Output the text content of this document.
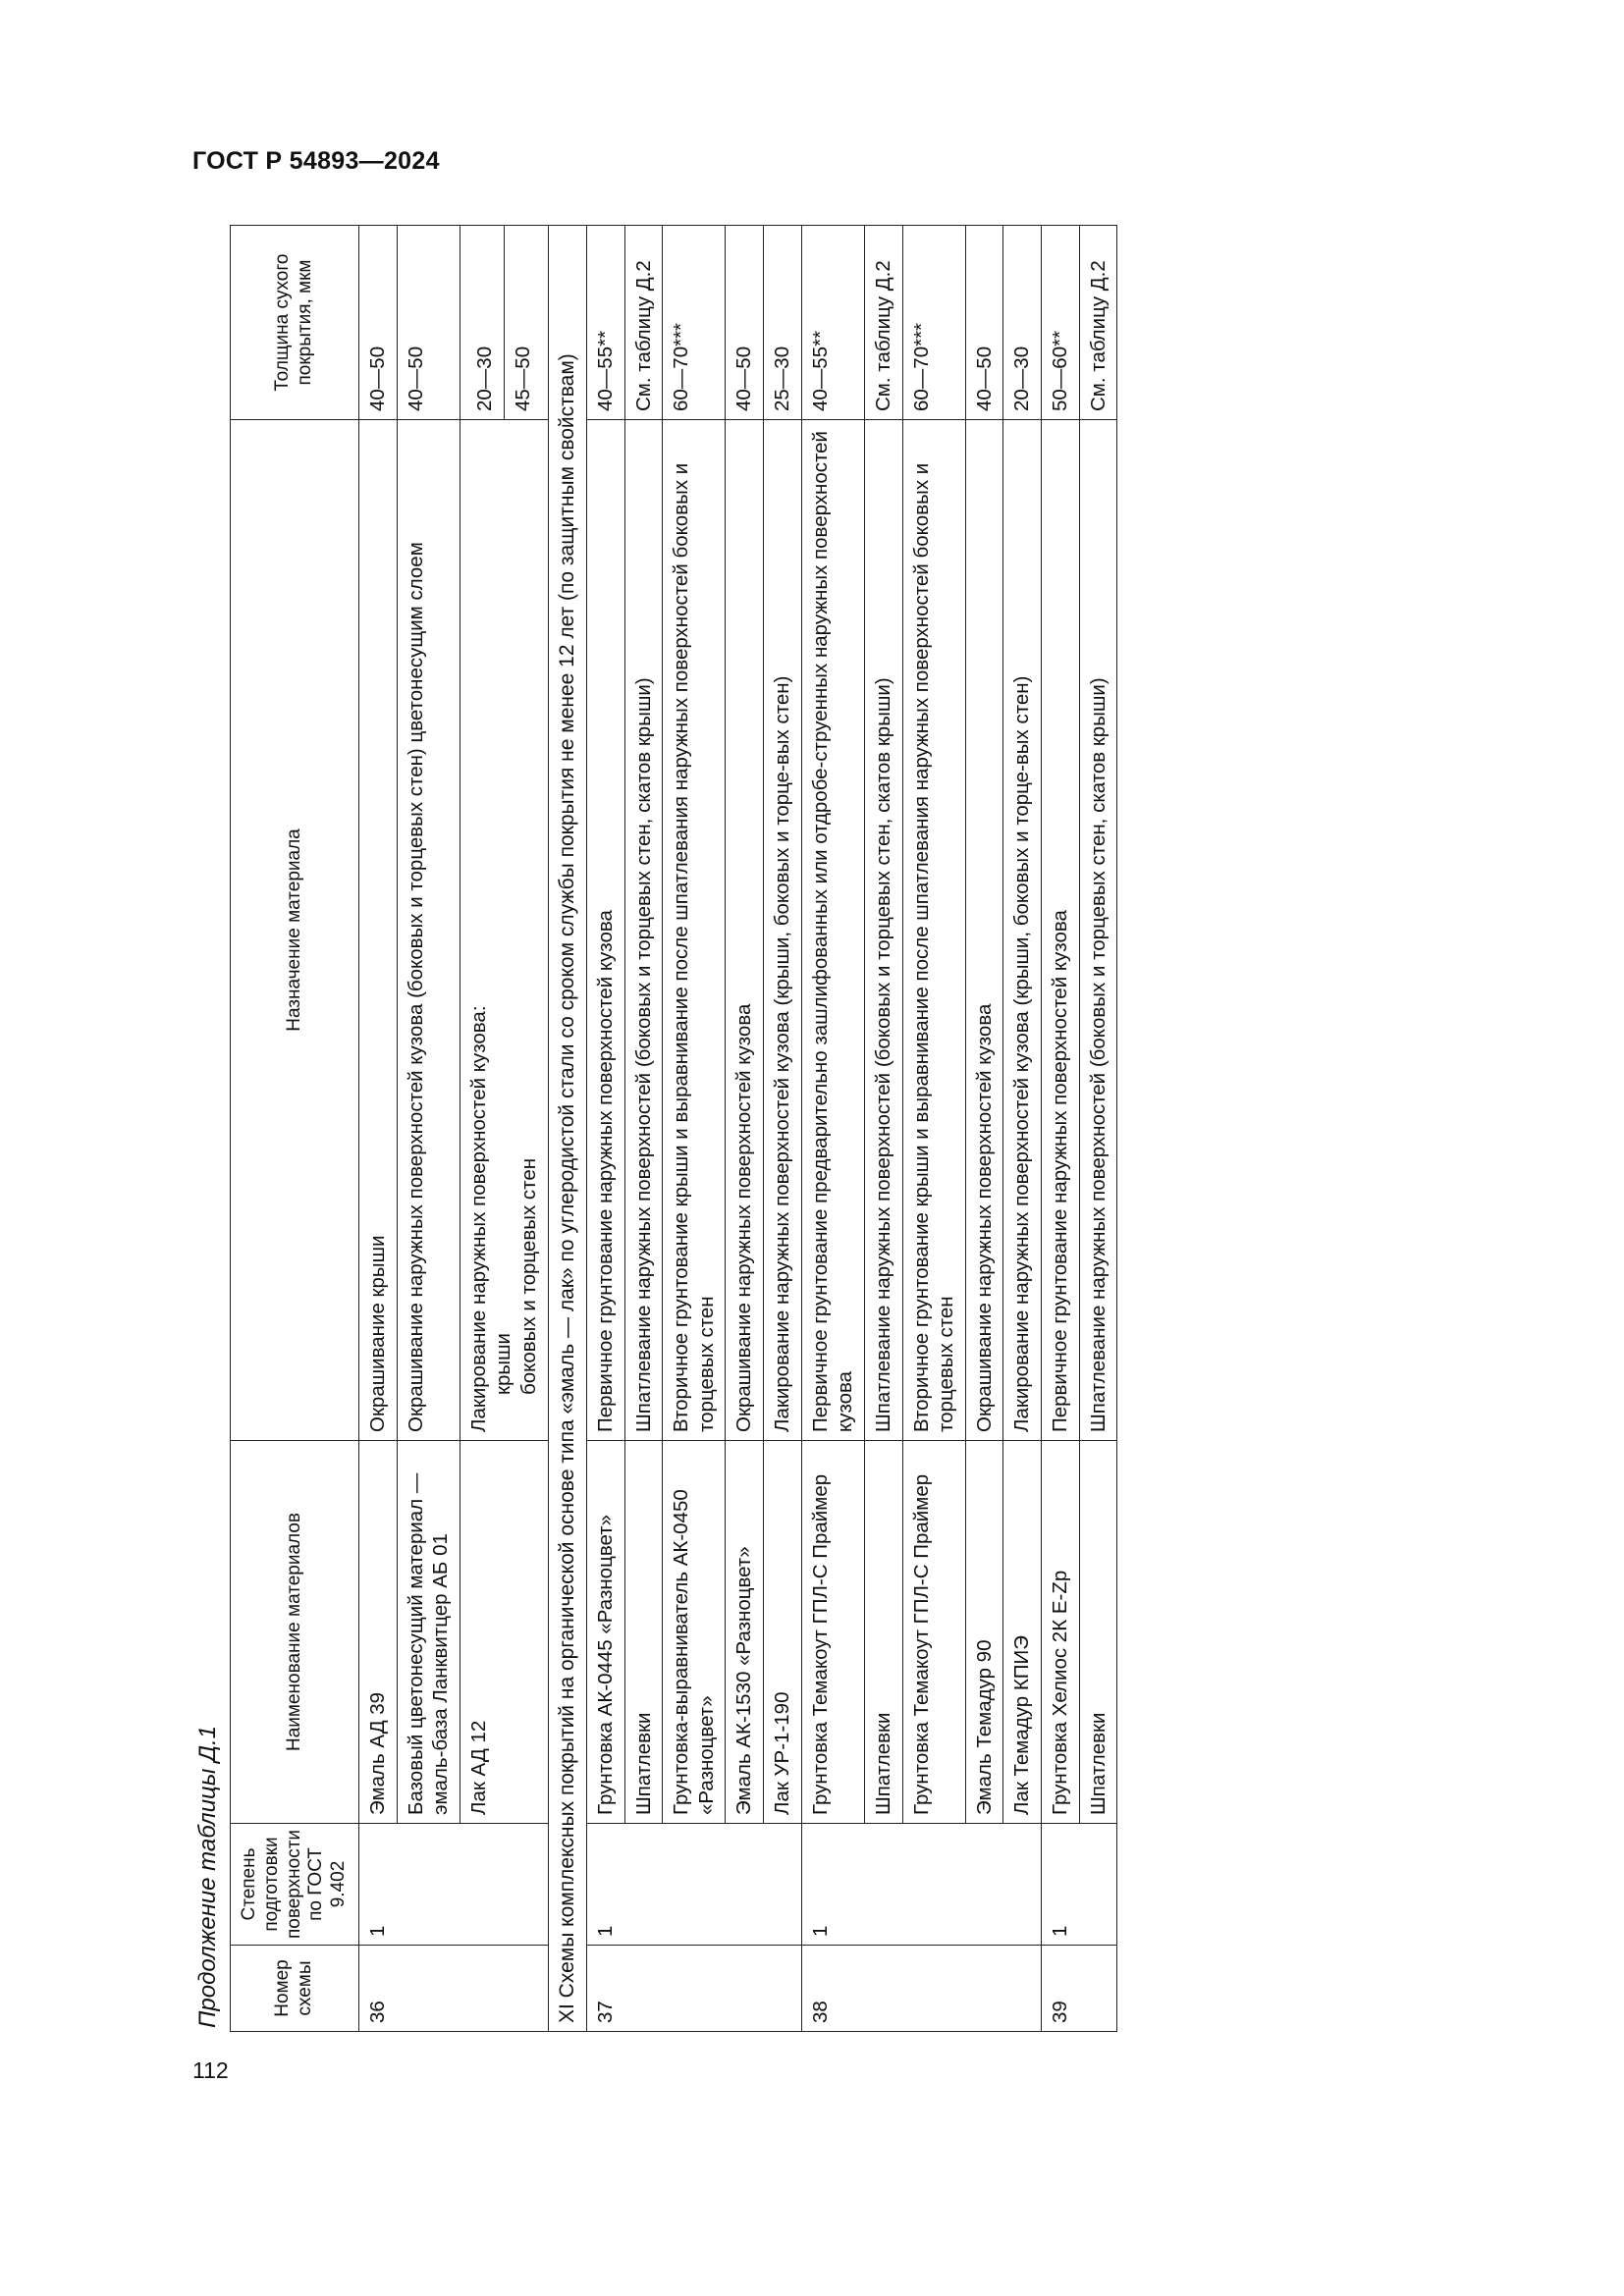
ГОСТ Р 54893—2024
Продолжение таблицы Д.1	Номер схемы	Степень подготовки поверхности по ГОСТ 9.402	Наименование материалов	Назначение материала	Толщина сухого покрытия, мкм
36	1	Эмаль АД 39	Окрашивание крыши	40—50
		Базовый цветонесущий материал — эмаль-база Ланквитцер АБ 01	Окрашивание наружных поверхностей кузова (боковых и торцевых стен) цветонесущим слоем	40—50
		Лак АД 12	Лакирование наружных поверхностей кузова: крыши боковых и торцевых стен	20—30
				45—50
XI Схемы комплексных покрытий на органической основе типа «эмаль — лак» по углеродистой стали со сроком службы покрытия не менее 12 лет (по защитным свойствам)				
37	1	Грунтовка АК-0445 «Разноцвет»	Первичное грунтование наружных поверхностей кузова	40—55**
		Шпатлевки	Шпатлевание наружных поверхностей (боковых и торцевых стен, скатов крыши)	См. таблицу Д.2
		Грунтовка-выравниватель АК-0450 «Разноцвет»	Вторичное грунтование крыши и выравнивание после шпатлевания наружных поверхностей боковых и торцевых стен	60—70***
		Эмаль АК-1530 «Разноцвет»	Окрашивание наружных поверхностей кузова	40—50
		Лак УР-1-190	Лакирование наружных поверхностей кузова (крыши, боковых и торце-вых стен)	25—30
38	1	Грунтовка Темакоут ГПЛ-С Праймер	Первичное грунтование предварительно зашлифованных или отдробе-струенных наружных поверхностей кузова	40—55**
		Шпатлевки	Шпатлевание наружных поверхностей (боковых и торцевых стен, скатов крыши)	См. таблицу Д.2
		Грунтовка Темакоут ГПЛ-С Праймер	Вторичное грунтование крыши и выравнивание после шпатлевания наружных поверхностей боковых и торцевых стен	60—70***
		Эмаль Темадур 90	Окрашивание наружных поверхностей кузова	40—50
		Лак Темадур КПИЭ	Лакирование наружных поверхностей кузова (крыши, боковых и торце-вых стен)	20—30
39	1	Грунтовка Хелиос 2К E-Zp	Первичное грунтование наружных поверхностей кузова	50—60**
		Шпатлевки	Шпатлевание наружных поверхностей (боковых и торцевых стен, скатов крыши)	См. таблицу Д.2
112
